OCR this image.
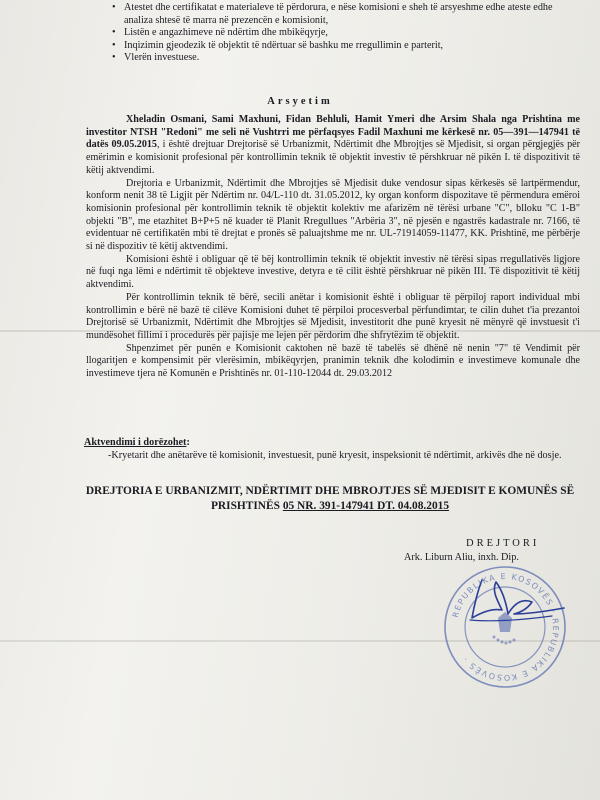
• Atestet dhe certifikatat e materialeve të përdorura, e nëse komisioni e sheh të arsyeshme edhe ateste edhe analiza shtesë të marra në prezencën e komisionit,
• Listën e angazhimeve në ndërtim dhe mbikëqyrje,
• Inqizimin gjeodezik të objektit të ndërtuar së bashku me rregullimin e parterit,
• Vlerën investuese.
Arsyetim

Xheladin Osmani, Sami Maxhuni, Fidan Behluli, Hamit Ymeri dhe Arsim Shala nga Prishtina me investitor NTSH "Redoni" me seli në Vushtrri me përfaqsyes Fadil Maxhuni me kërkesë nr. 05—391—147941 të datës 09.05.2015, i është drejtuar Drejtorisë së Urbanizmit, Ndërtimit dhe Mbrojtjes së Mjedisit, si organ përgjegjës për emërimin e komisionit profesional për kontrollimin teknik të objektit investiv të përshkruar në pikën I. të dispozitivit të këtij aktvendimi.

Drejtoria e Urbanizmit, Ndërtimit dhe Mbrojtjes së Mjedisit duke vendosur sipas kërkesës së lartpërmendur, konform nenit 38 të Ligjit për Ndërtim nr. 04/L-110 dt. 31.05.2012, ky organ konform dispozitave të përmendura emëroi komisionin profesional për kontrollimin teknik të objektit kolektiv me afarizëm në tërësi urbane "C", blloku "C 1-B" objekti "B", me etazhitet B+P+5 në kuader të Planit Rregullues "Arbëria 3", në pjesën e ngastrës kadastrale nr. 7166, të evidentuar në certifikatën mbi të drejtat e pronës së paluajtshme me nr. UL-71914059-11477, KK. Prishtinë, me përbërje si në dispozitiv të këtij aktvendimi.

Komisioni është i obliguar që të bëj kontrollimin teknik të objektit investiv në tërësi sipas rregullativës ligjore në fuqi nga lëmi e ndërtimit të objekteve investive, detyra e të cilit është përshkruar në pikën III. Të dispozitivit të këtij aktvendimi.

Për kontrollimin teknik të bërë, secili anëtar i komisionit është i obliguar të përpiloj raport individual mbi kontrollimin e bërë në bazë të cilëve Komisioni duhet të përpiloi procesverbal përfundimtar, te cilin duhet t'ia prezantoi Drejtorisë së Urbanizmit, Ndërtimit dhe Mbrojtjes së Mjedisit, investitorit dhe punë kryesit në mënyrë që invstuesit t'i mundësohet fillimi i procedurës për pajisje me lejen për përdorim dhe shfrytëzim të objektit.

Shpenzimet për punën e Komisionit caktohen në bazë të tabelës së dhënë në nenin "7" të Vendimit për llogaritjen e kompensimit për vlerësimin, mbikëqyrjen, pranimin teknik dhe kolodimin e investimeve komunale dhe investimeve tjera në Komunën e Prishtinës nr. 01-110-12044 dt. 29.03.2012

Aktvendimi i dorëzohet:
-Kryetarit dhe anëtarëve të komisionit, investuesit, punë kryesit, inspeksionit të ndërtimit, arkivës dhe në dosje.
DREJTORIA E URBANIZMIT, NDËRTIMIT DHE MBROJTJES SË MJEDISIT E KOMUNËS SË
PRISHTINËS 05 NR. 391-147941 DT. 04.08.2015
DREJTORI
Ark. Liburn Aliu, inxh. Dip.
REPUBLIKA E KOSOVËS · REPUBLIKA E KOSOVËS ·
